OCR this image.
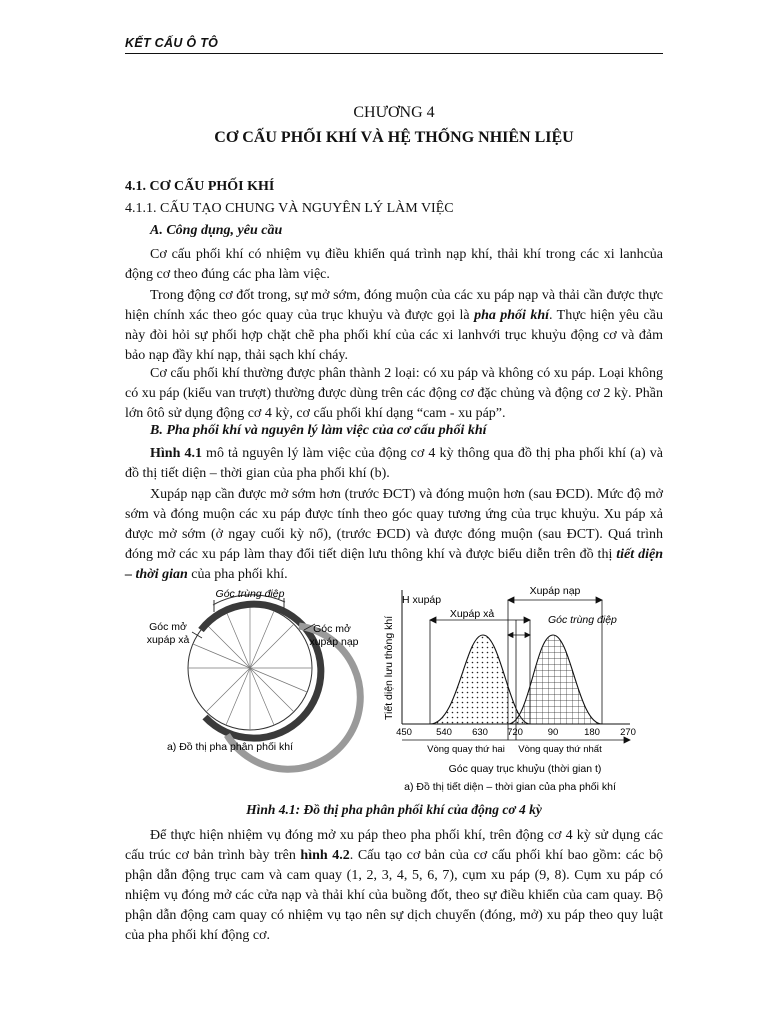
KẾT CẤU Ô TÔ
CHƯƠNG 4
CƠ CẤU PHỐI KHÍ VÀ HỆ THỐNG NHIÊN LIỆU
4.1. CƠ CẤU PHỐI KHÍ
4.1.1. CẤU TẠO CHUNG VÀ NGUYÊN LÝ LÀM VIỆC
A. Công dụng, yêu cầu
Cơ cấu phối khí có nhiệm vụ điều khiển quá trình nạp khí, thải khí trong các xi lanhcủa động cơ theo đúng các pha làm việc.
Trong động cơ đốt trong, sự mở sớm, đóng muộn của các xu páp nạp và thải cần được thực hiện chính xác theo góc quay của trục khuỷu và được gọi là pha phối khí. Thực hiện yêu cầu này đòi hỏi sự phối hợp chặt chẽ pha phối khí của các xi lanhvới trục khuỷu động cơ và đảm bảo nạp đầy khí nạp, thải sạch khí cháy.
Cơ cấu phối khí thường được phân thành 2 loại: có xu páp và không có xu páp. Loại không có xu páp (kiểu van trượt) thường được dùng trên các động cơ đặc chủng và động cơ 2 kỳ. Phần lớn ôtô sử dụng động cơ 4 kỳ, cơ cấu phối khí dạng “cam - xu páp”.
B. Pha phối khí và nguyên lý làm việc của cơ cấu phối khí
Hình 4.1 mô tả nguyên lý làm việc của động cơ 4 kỳ thông qua đồ thị pha phối khí (a) và đồ thị tiết diện – thời gian của pha phối khí (b).
Xupáp nạp cần được mở sớm hơn (trước ĐCT) và đóng muộn hơn (sau ĐCD). Mức độ mở sớm và đóng muộn các xu páp được tính theo góc quay tương ứng của trục khuỷu. Xu páp xả được mở sớm (ở ngay cuối kỳ nổ), (trước ĐCD) và được đóng muộn (sau ĐCT). Quá trình đóng mở các xu páp làm thay đổi tiết diện lưu thông khí và được biểu diễn trên đồ thị tiết diện – thời gian của pha phối khí.
Góc trùng điệp
Góc mở
xupáp xả
Góc mở
xupáp nạp
a) Đồ thị pha phân phối khí
Xupáp nạp
H xupáp
Xupáp xả	Góc trùng điệp
Tiết diện lưu thông khí
450	540 630 720	90	180 270
Vòng quay thứ hai Vòng quay thứ nhất
Góc quay trục khuỷu (thời gian t)
a) Đồ thị tiết diện – thời gian của pha phối khí
Hình 4.1: Đồ thị pha phân phối khí của động cơ 4 kỳ
Để thực hiện nhiệm vụ đóng mở xu páp theo pha phối khí, trên động cơ 4 kỳ sử dụng các cấu trúc cơ bản trình bày trên hình 4.2. Cấu tạo cơ bản của cơ cấu phối khí bao gồm: các bộ phận dẫn động trục cam và cam quay (1, 2, 3, 4, 5, 6, 7), cụm xu páp (9, 8). Cụm xu páp có nhiệm vụ đóng mở các cửa nạp và thải khí của buồng đốt, theo sự điều khiển của cam quay. Bộ phận dẫn động cam quay có nhiệm vụ tạo nên sự dịch chuyển (đóng, mở) xu páp theo quy luật của pha phối khí động cơ.
